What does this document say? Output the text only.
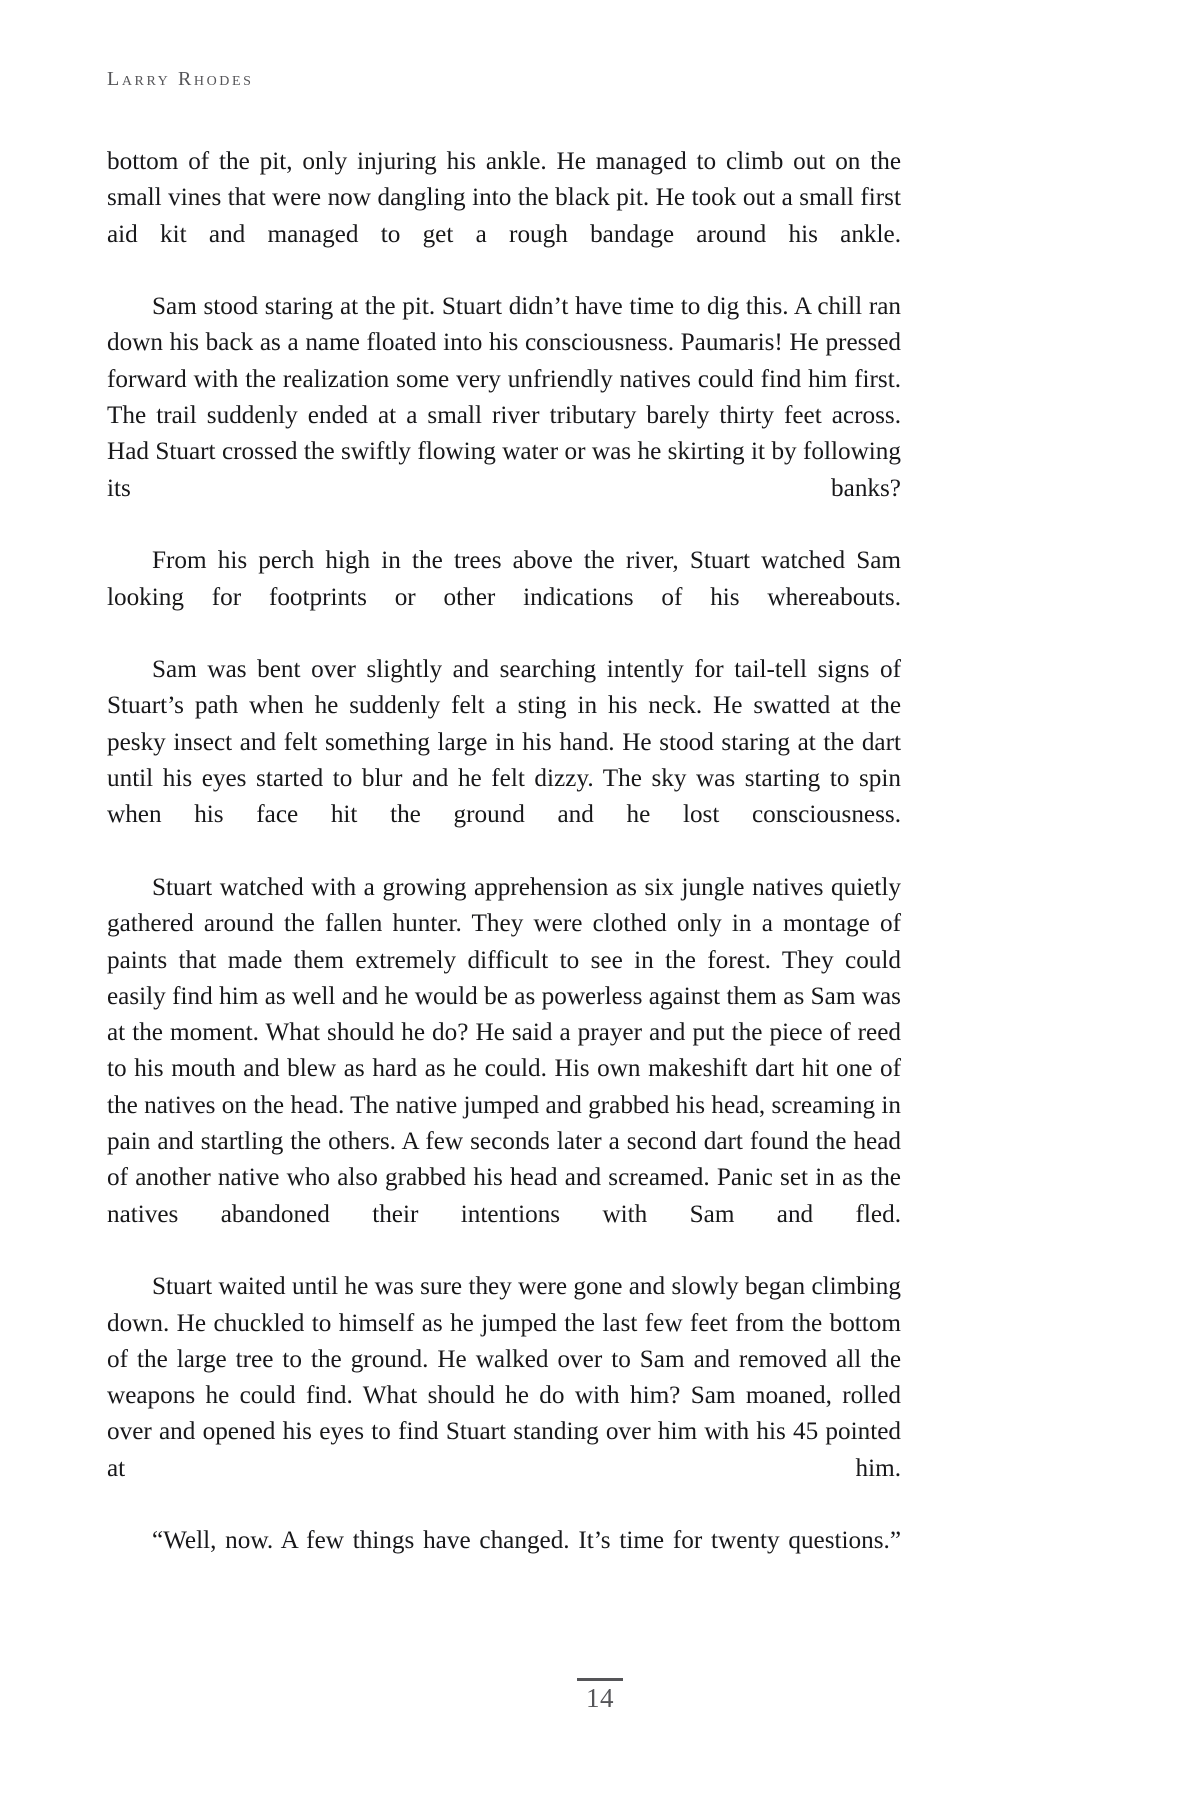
Larry Rhodes

bottom of the pit, only injuring his ankle. He managed to climb out on the small vines that were now dangling into the black pit. He took out a small first aid kit and managed to get a rough bandage around his ankle.

Sam stood staring at the pit. Stuart didn’t have time to dig this. A chill ran down his back as a name floated into his consciousness. Paumaris! He pressed forward with the realization some very unfriendly natives could find him first. The trail suddenly ended at a small river tributary barely thirty feet across. Had Stuart crossed the swiftly flowing water or was he skirting it by following its banks?

From his perch high in the trees above the river, Stuart watched Sam looking for footprints or other indications of his whereabouts.

Sam was bent over slightly and searching intently for tail-tell signs of Stuart’s path when he suddenly felt a sting in his neck. He swatted at the pesky insect and felt something large in his hand. He stood staring at the dart until his eyes started to blur and he felt dizzy. The sky was starting to spin when his face hit the ground and he lost consciousness.

Stuart watched with a growing apprehension as six jungle natives quietly gathered around the fallen hunter. They were clothed only in a montage of paints that made them extremely difficult to see in the forest. They could easily find him as well and he would be as powerless against them as Sam was at the moment. What should he do? He said a prayer and put the piece of reed to his mouth and blew as hard as he could. His own makeshift dart hit one of the natives on the head. The native jumped and grabbed his head, screaming in pain and startling the others. A few seconds later a second dart found the head of another native who also grabbed his head and screamed. Panic set in as the natives abandoned their intentions with Sam and fled.

Stuart waited until he was sure they were gone and slowly began climbing down. He chuckled to himself as he jumped the last few feet from the bottom of the large tree to the ground. He walked over to Sam and removed all the weapons he could find. What should he do with him? Sam moaned, rolled over and opened his eyes to find Stuart standing over him with his 45 pointed at him.

“Well, now. A few things have changed. It’s time for twenty questions.”

14
